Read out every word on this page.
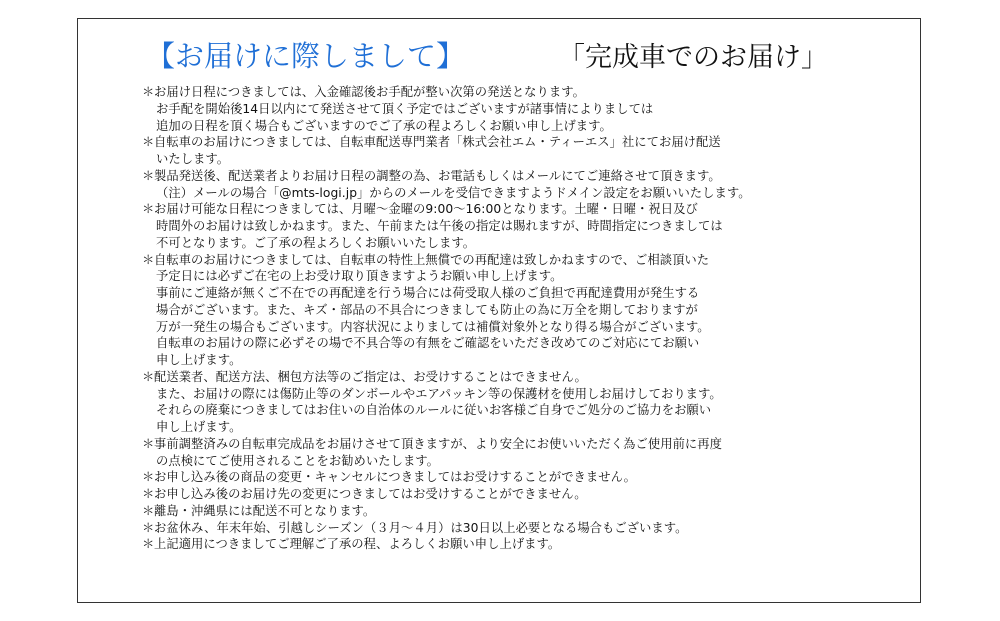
【お届けに際しまして】	「完成車でのお届け」
＊お届け日程につきましては、入金確認後お手配が整い次第の発送となります。
お手配を開始後14日以内にて発送させて頂く予定ではございますが諸事情によりましては
追加の日程を頂く場合もございますのでご了承の程よろしくお願い申し上げます。
＊自転車のお届けにつきましては、自転車配送専門業者「株式会社エム・ティーエス」社にてお届け配送
いたします。
＊製品発送後、配送業者よりお届け日程の調整の為、お電話もしくはメールにてご連絡させて頂きます。
（注）メールの場合「@mts-logi.jp」からのメールを受信できますようドメイン設定をお願いいたします。
＊お届け可能な日程につきましては、月曜～金曜の9:00～16:00となります。土曜・日曜・祝日及び
時間外のお届けは致しかねます。また、午前または午後の指定は賜れますが、時間指定につきましては
不可となります。ご了承の程よろしくお願いいたします。
＊自転車のお届けにつきましては、自転車の特性上無償での再配達は致しかねますので、ご相談頂いた
予定日には必ずご在宅の上お受け取り頂きますようお願い申し上げます。
事前にご連絡が無くご不在での再配達を行う場合には荷受取人様のご負担で再配達費用が発生する
場合がございます。また、キズ・部品の不具合につきましても防止の為に万全を期しておりますが
万が一発生の場合もございます。内容状況によりましては補償対象外となり得る場合がございます。
自転車のお届けの際に必ずその場で不具合等の有無をご確認をいただき改めてのご対応にてお願い
申し上げます。
＊配送業者、配送方法、梱包方法等のご指定は、お受けすることはできません。
また、お届けの際には傷防止等のダンボールやエアパッキン等の保護材を使用しお届けしております。
それらの廃棄につきましてはお住いの自治体のルールに従いお客様ご自身でご処分のご協力をお願い
申し上げます。
＊事前調整済みの自転車完成品をお届けさせて頂きますが、より安全にお使いいただく為ご使用前に再度
の点検にてご使用されることをお勧めいたします。
＊お申し込み後の商品の変更・キャンセルにつきましてはお受けすることができません。
＊お申し込み後のお届け先の変更につきましてはお受けすることができません。
＊離島・沖縄県には配送不可となります。
＊お盆休み、年末年始、引越しシーズン（３月～４月）は30日以上必要となる場合もございます。
＊上記適用につきましてご理解ご了承の程、よろしくお願い申し上げます。
